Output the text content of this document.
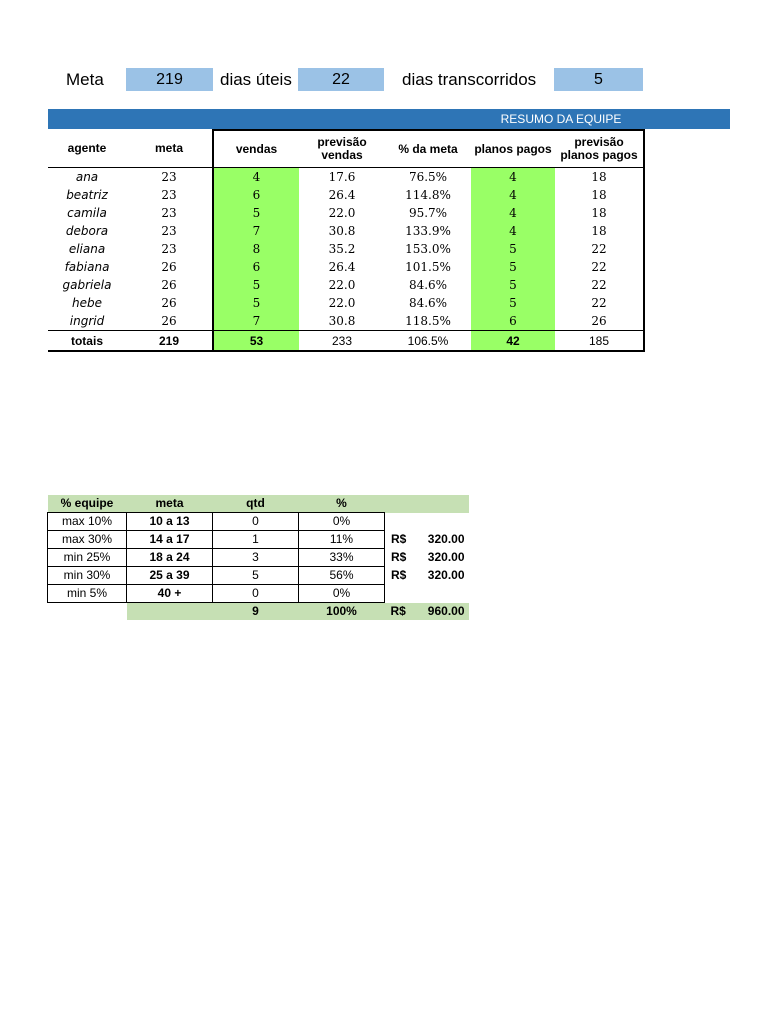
Meta	219	dias úteis	22	dias transcorridos	5
RESUMO DA EQUIPE
agente	meta	vendas	previsão vendas	% da meta	planos pagos	previsão planos pagos
ana	23	4	17.6	76.5%	4	18
beatriz	23	6	26.4	114.8%	4	18
camila	23	5	22.0	95.7%	4	18
debora	23	7	30.8	133.9%	4	18
eliana	23	8	35.2	153.0%	5	22
fabiana	26	6	26.4	101.5%	5	22
gabriela	26	5	22.0	84.6%	5	22
hebe	26	5	22.0	84.6%	5	22
ingrid	26	7	30.8	118.5%	6	26
totais	219	53	233	106.5%	42	185
% equipe	meta	qtd	%		
max 10%	10 a 13	0	0%		
max 30%	14 a 17	1	11%	R$	320.00
min 25%	18 a 24	3	33%	R$	320.00
min 30%	25 a 39	5	56%	R$	320.00
min 5%	40 +	0	0%		
		9	100%	R$	960.00
